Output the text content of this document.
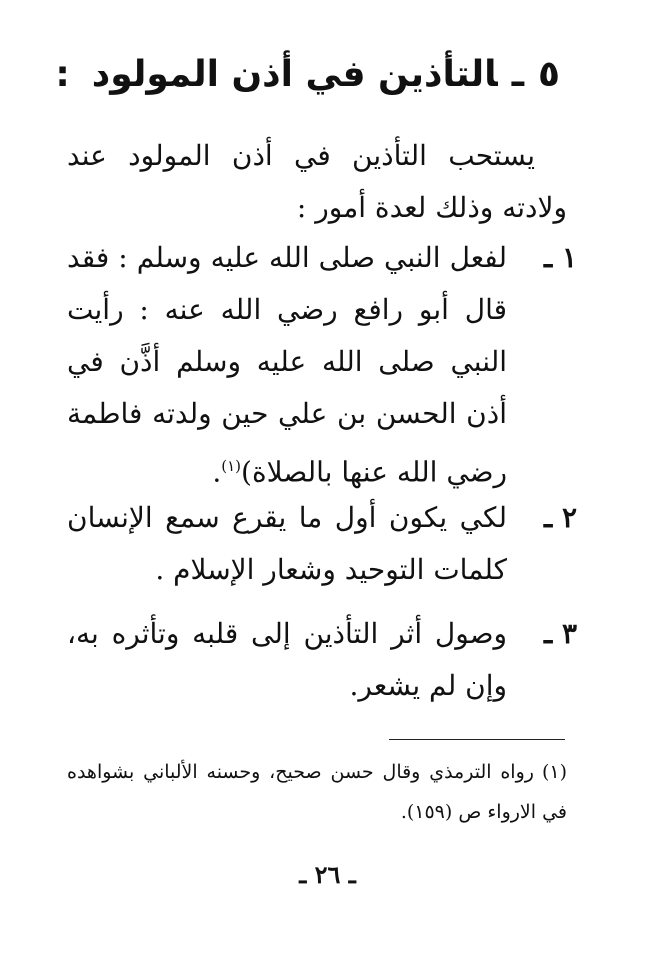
٥ـالتأذين في أذن المولود:
يستحب التأذين في أذن المولود عند ولادته وذلك لعدة أمور :
١ ـ
لفعل النبي صلى الله عليه وسلم : فقد قال أبو رافع رضي الله عنه : رأيت النبي صلى الله عليه وسلم أذَّن في أذن الحسن بن علي حين ولدته فاطمة رضي الله عنها بالصلاة)$^{(١)}$.
٢ ـ
لكي يكون أول ما يقرع سمع الإنسان كلمات التوحيد وشعار الإسلام .
٣ ـ
وصول أثر التأذين إلى قلبه وتأثره به، وإن لم يشعر.
(١)رواه الترمذي وقال حسن صحيح، وحسنه الألباني بشواهده في الارواء ص (١٥٩).
ـ ٢٦ ـ
